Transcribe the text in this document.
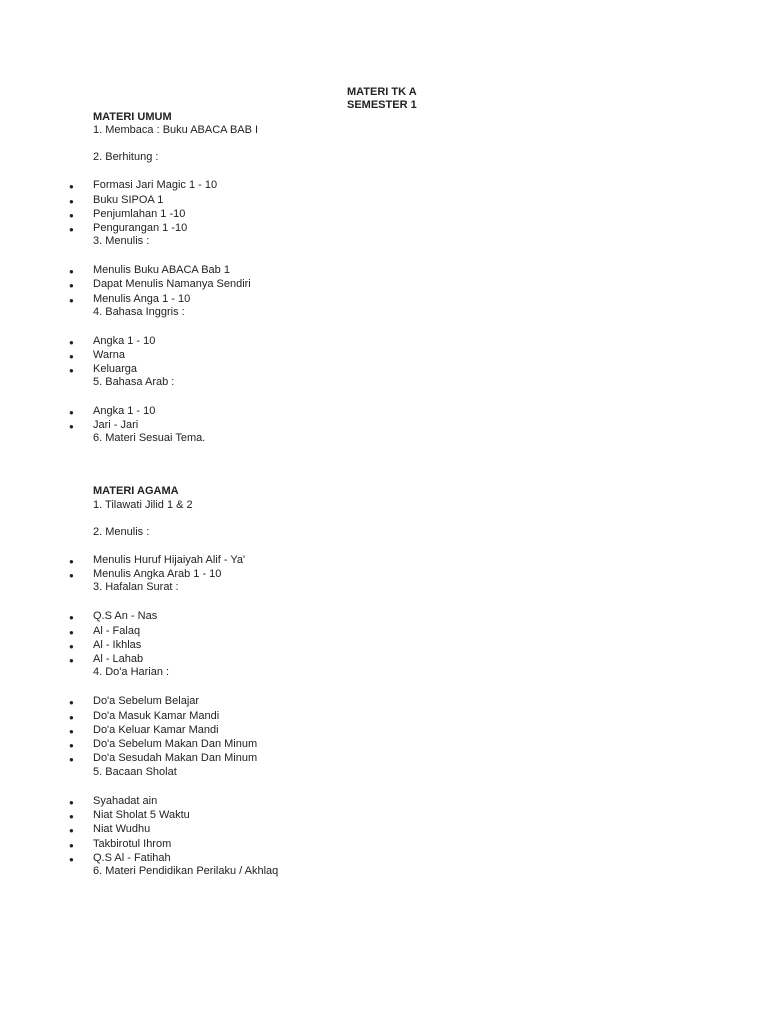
MATERI TK A
SEMESTER 1
MATERI UMUM
1. Membaca : Buku ABACA BAB I
2. Berhitung :
● Formasi Jari Magic 1 - 10
● Buku SIPOA 1
● Penjumlahan 1 -10
● Pengurangan 1 -10
3. Menulis :
● Menulis Buku ABACA Bab 1
● Dapat Menulis Namanya Sendiri
● Menulis Anga 1 - 10
4. Bahasa Inggris :
● Angka 1 - 10
● Warna
● Keluarga
5. Bahasa Arab :
● Angka 1 - 10
● Jari - Jari
6. Materi Sesuai Tema.
MATERI AGAMA
1. Tilawati Jilid 1 & 2
2. Menulis :
● Menulis Huruf Hijaiyah Alif - Ya'
● Menulis Angka Arab 1 - 10
3. Hafalan Surat :
● Q.S An - Nas
● Al - Falaq
● Al - Ikhlas
● Al - Lahab
4. Do'a Harian :
● Do'a Sebelum Belajar
● Do'a Masuk Kamar Mandi
● Do'a Keluar Kamar Mandi
● Do'a Sebelum Makan Dan Minum
● Do'a Sesudah Makan Dan Minum
5. Bacaan Sholat
● Syahadat ain
● Niat Sholat 5 Waktu
● Niat Wudhu
● Takbirotul Ihrom
● Q.S Al - Fatihah
6. Materi Pendidikan Perilaku / Akhlaq
